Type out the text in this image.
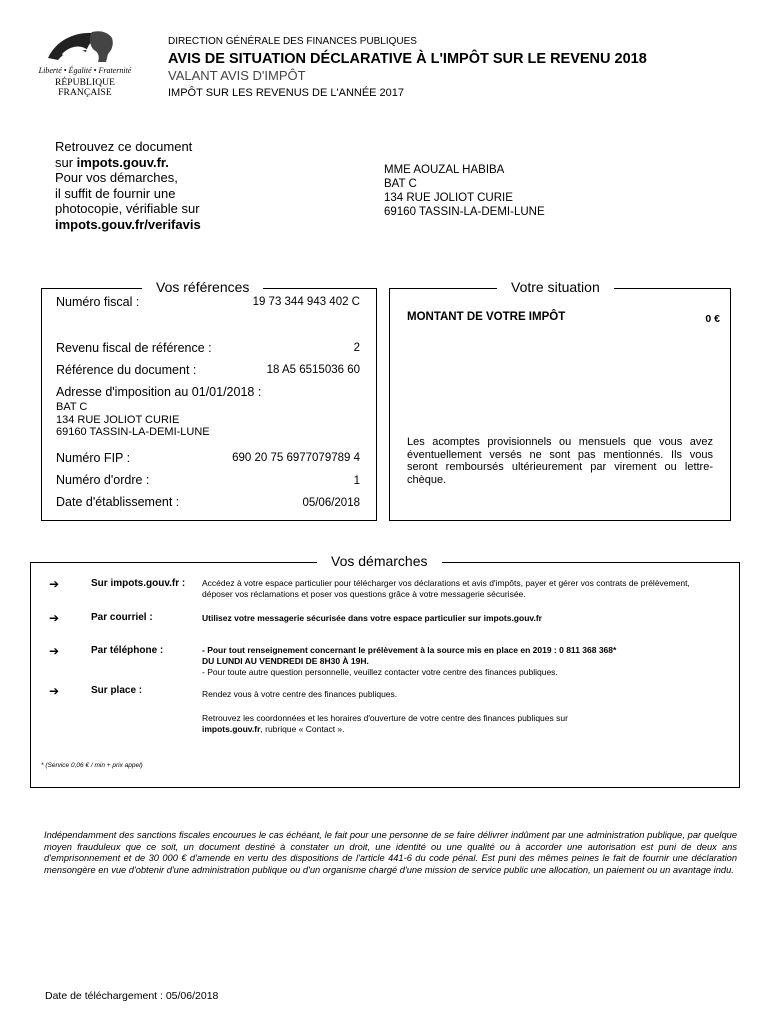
Liberté • Égalité • Fraternité
RÉPUBLIQUE FRANÇAISE
DIRECTION GÉNÉRALE DES FINANCES PUBLIQUES
AVIS DE SITUATION DÉCLARATIVE À L'IMPÔT SUR LE REVENU 2018
VALANT AVIS D'IMPÔT
IMPÔT SUR LES REVENUS DE L'ANNÉE 2017
Retrouvez ce document
sur impots.gouv.fr.
Pour vos démarches,
il suffit de fournir une
photocopie, vérifiable sur
impots.gouv.fr/verifavis
MME AOUZAL HABIBA
BAT C
134 RUE JOLIOT CURIE
69160 TASSIN-LA-DEMI-LUNE
Vos références
Numéro fiscal :	19 73 344 943 402 C
Revenu fiscal de référence :	2
Référence du document :	18 A5 6515036 60
Adresse d'imposition au 01/01/2018 :
BAT C
134 RUE JOLIOT CURIE
69160 TASSIN-LA-DEMI-LUNE
Numéro FIP :	690 20 75 6977079789 4
Numéro d'ordre :	1
Date d'établissement :	05/06/2018
Votre situation
MONTANT DE VOTRE IMPÔT	0 €
Les acomptes provisionnels ou mensuels que vous avez éventuellement versés ne sont pas mentionnés. Ils vous seront remboursés ultérieurement par virement ou lettre-chèque.
Vos démarches
➔	Sur impots.gouv.fr : Accédez à votre espace particulier pour télécharger vos déclarations et avis d'impôts, payer et gérer vos contrats de prélèvement, déposer vos réclamations et poser vos questions grâce à votre messagerie sécurisée.
➔	Par courriel :	Utilisez votre messagerie sécurisée dans votre espace particulier sur impots.gouv.fr
➔	Par téléphone :	- Pour tout renseignement concernant le prélèvement à la source mis en place en 2019 : 0 811 368 368*
DU LUNDI AU VENDREDI DE 8H30 À 19H.
- Pour toute autre question personnelle, veuillez contacter votre centre des finances publiques.
➔	Sur place :	Rendez vous à votre centre des finances publiques.
Retrouvez les coordonnées et les horaires d'ouverture de votre centre des finances publiques sur
impots.gouv.fr, rubrique « Contact ».
* (Service 0,06 € / min + prix appel)
Indépendamment des sanctions fiscales encourues le cas échéant, le fait pour une personne de se faire délivrer indûment par une administration publique, par quelque moyen frauduleux que ce soit, un document destiné à constater un droit, une identité ou une qualité ou à accorder une autorisation est puni de deux ans d'emprisonnement et de 30 000 € d'amende en vertu des dispositions de l'article 441-6 du code pénal. Est puni des mêmes peines le fait de fournir une déclaration mensongère en vue d'obtenir d'une administration publique ou d'un organisme chargé d'une mission de service public une allocation, un paiement ou un avantage indu.
Date de téléchargement : 05/06/2018
